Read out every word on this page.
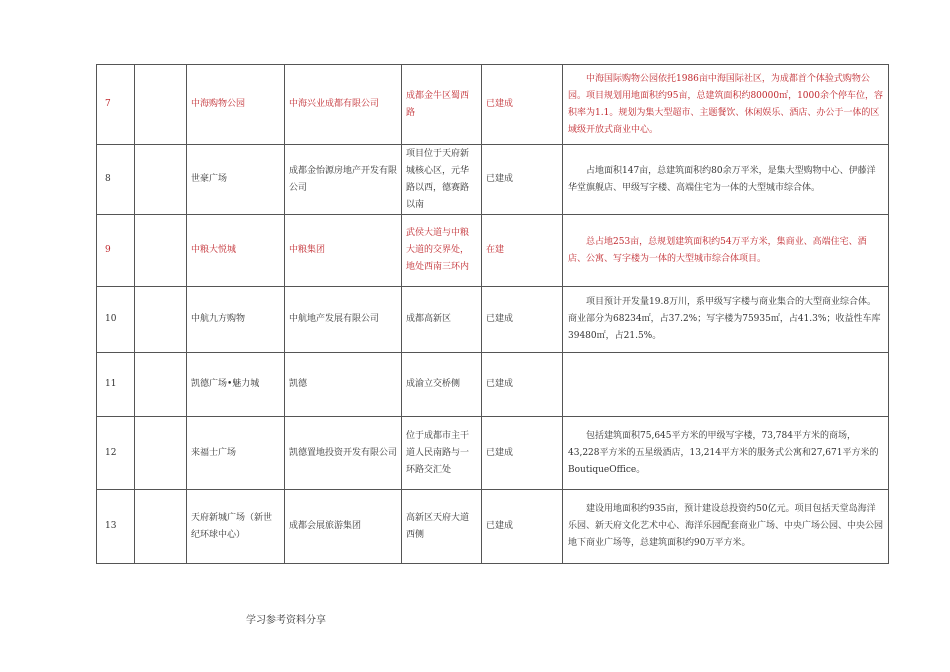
7		中海购物公园	中海兴业成都有限公司	成都金牛区蜀西路	已建成	中海国际购物公园依托1986亩中海国际社区，为成都首个体验式购物公园。项目规划用地面积约95亩，总建筑面积约80000㎡，1000余个停车位，容积率为1.1。规划为集大型超市、主题餐饮、休闲娱乐、酒店、办公于一体的区域级开放式商业中心。
8		世豪广场	成都金怡源房地产开发有限公司	项目位于天府新城核心区，元华路以西，德赛路以南	已建成	占地面积147亩，总建筑面积约80余万平米，是集大型购物中心、伊藤洋华堂旗舰店、甲级写字楼、高端住宅为一体的大型城市综合体。
9		中粮大悦城	中粮集团	武侯大道与中粮大道的交界处，地处西南三环内	在建	总占地253亩，总规划建筑面积约54万平方米，集商业、高端住宅、酒店、公寓、写字楼为一体的大型城市综合体项目。
10		中航九方购物	中航地产发展有限公司	成都高新区	已建成	项目预计开发量19.8万川，系甲级写字楼与商业集合的大型商业综合体。商业部分为68234㎡，占37.2%；写字楼为75935㎡，占41.3%；收益性车库39480㎡，占21.5%。
11		凯德广场•魅力城	凯德	成渝立交桥侧	已建成	
12		来福士广场	凯德置地投资开发有限公司	位于成都市主干道人民南路与一环路交汇处	已建成	包括建筑面积75,645平方米的甲级写字楼，73,784平方米的商场，43,228平方米的五星级酒店，13,214平方米的服务式公寓和27,671平方米的BoutiqueOffice。
13		天府新城广场（新世纪环球中心）	成都会展旅游集团	高新区天府大道西侧	已建成	建设用地面积约935亩，预计建设总投资约50亿元。项目包括天堂岛海洋乐园、新天府文化艺术中心、海洋乐园配套商业广场、中央广场公园、中央公园地下商业广场等，总建筑面积约90万平方米。
学习参考资料分享
